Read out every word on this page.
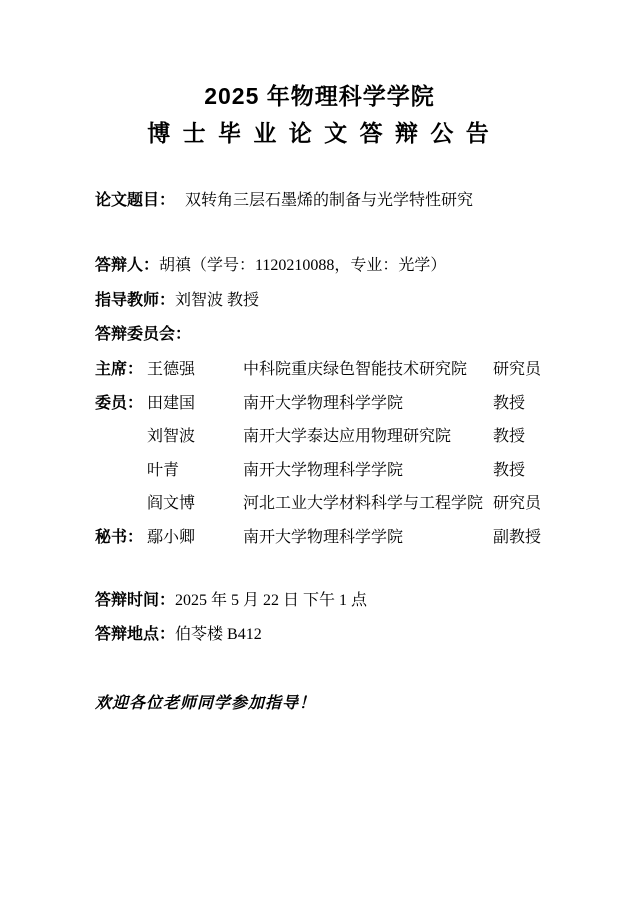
2025 年物理科学学院
博 士 毕 业 论 文 答 辩 公 告
论文题目： 双转角三层石墨烯的制备与光学特性研究
答辩人：胡禛（学号：1120210088，专业：光学）
指导教师：刘智波 教授
答辩委员会：
主席： 王德强	中科院重庆绿色智能技术研究院 研究员
委员： 田建国	南开大学物理科学学院	教授
刘智波	南开大学泰达应用物理研究院	教授
叶青	南开大学物理科学学院	教授
阎文博	河北工业大学材料科学与工程学院 研究员
秘书： 鄢小卿	南开大学物理科学学院	副教授
答辩时间：2025 年 5 月 22 日 下午 1 点
答辩地点：伯苓楼 B412
欢迎各位老师同学参加指导！
